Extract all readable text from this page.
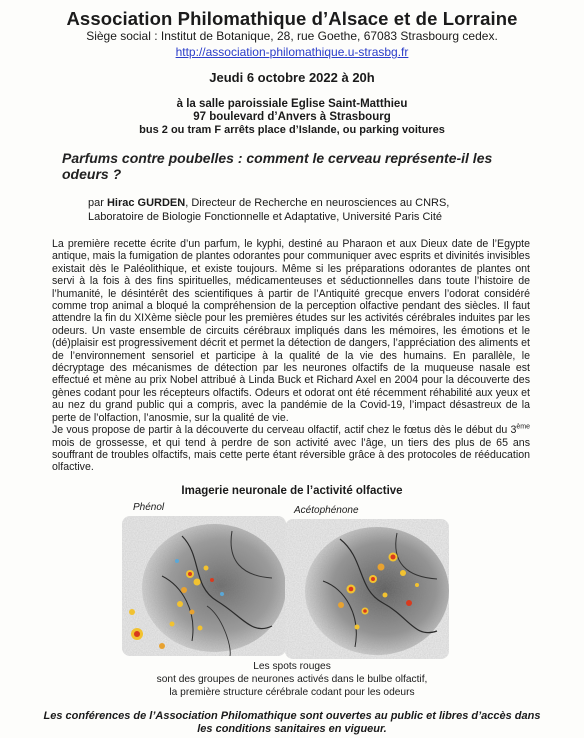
Association Philomathique d’Alsace et de Lorraine
Siège social : Institut de Botanique, 28, rue Goethe, 67083 Strasbourg cedex.
http://association-philomathique.u-strasbg.fr
Jeudi 6 octobre 2022 à 20h
à la salle paroissiale Eglise Saint-Matthieu
97 boulevard d’Anvers à Strasbourg
bus 2 ou tram F arrêts place d’Islande, ou parking voitures
Parfums contre poubelles : comment le cerveau représente-il les odeurs ?
par Hirac GURDEN, Directeur de Recherche en neurosciences au CNRS,
Laboratoire de Biologie Fonctionnelle et Adaptative, Université Paris Cité

La première recette écrite d’un parfum, le kyphi, destiné au Pharaon et aux Dieux date de l’Egypte antique, mais la fumigation de plantes odorantes pour communiquer avec esprits et divinités invisibles existait dès le Paléolithique, et existe toujours. Même si les préparations odorantes de plantes ont servi à la fois à des fins spirituelles, médicamenteuses et séductionnelles dans toute l’histoire de l’humanité, le désintérêt des scientifiques à partir de l’Antiquité grecque envers l’odorat considéré comme trop animal a bloqué la compréhension de la perception olfactive pendant des siècles. Il faut attendre la fin du XIXème siècle pour les premières études sur les activités cérébrales induites par les odeurs. Un vaste ensemble de circuits cérébraux impliqués dans les mémoires, les émotions et le (dé)plaisir est progressivement décrit et permet la détection de dangers, l’appréciation des aliments et de l’environnement sensoriel et participe à la qualité de la vie des humains. En parallèle, le décryptage des mécanismes de détection par les neurones olfactifs de la muqueuse nasale est effectué et mène au prix Nobel attribué à Linda Buck et Richard Axel en 2004 pour la découverte des gènes codant pour les récepteurs olfactifs. Odeurs et odorat ont été récemment réhabilité aux yeux et au nez du grand public qui a compris, avec la pandémie de la Covid-19, l’impact désastreux de la perte de l’olfaction, l’anosmie, sur la qualité de vie.

Je vous propose de partir à la découverte du cerveau olfactif, actif chez le fœtus dès le début du 3ème mois de grossesse, et qui tend à perdre de son activité avec l’âge, un tiers des plus de 65 ans souffrant de troubles olfactifs, mais cette perte étant réversible grâce à des protocoles de rééducation olfactive.

Imagerie neuronale de l’activité olfactive
Phénol	Acétophénone
Les spots rouges
sont des groupes de neurones activés dans le bulbe olfactif,
la première structure cérébrale codant pour les odeurs
Les conférences de l’Association Philomathique sont ouvertes au public et libres d’accès dans les conditions sanitaires en vigueur.
